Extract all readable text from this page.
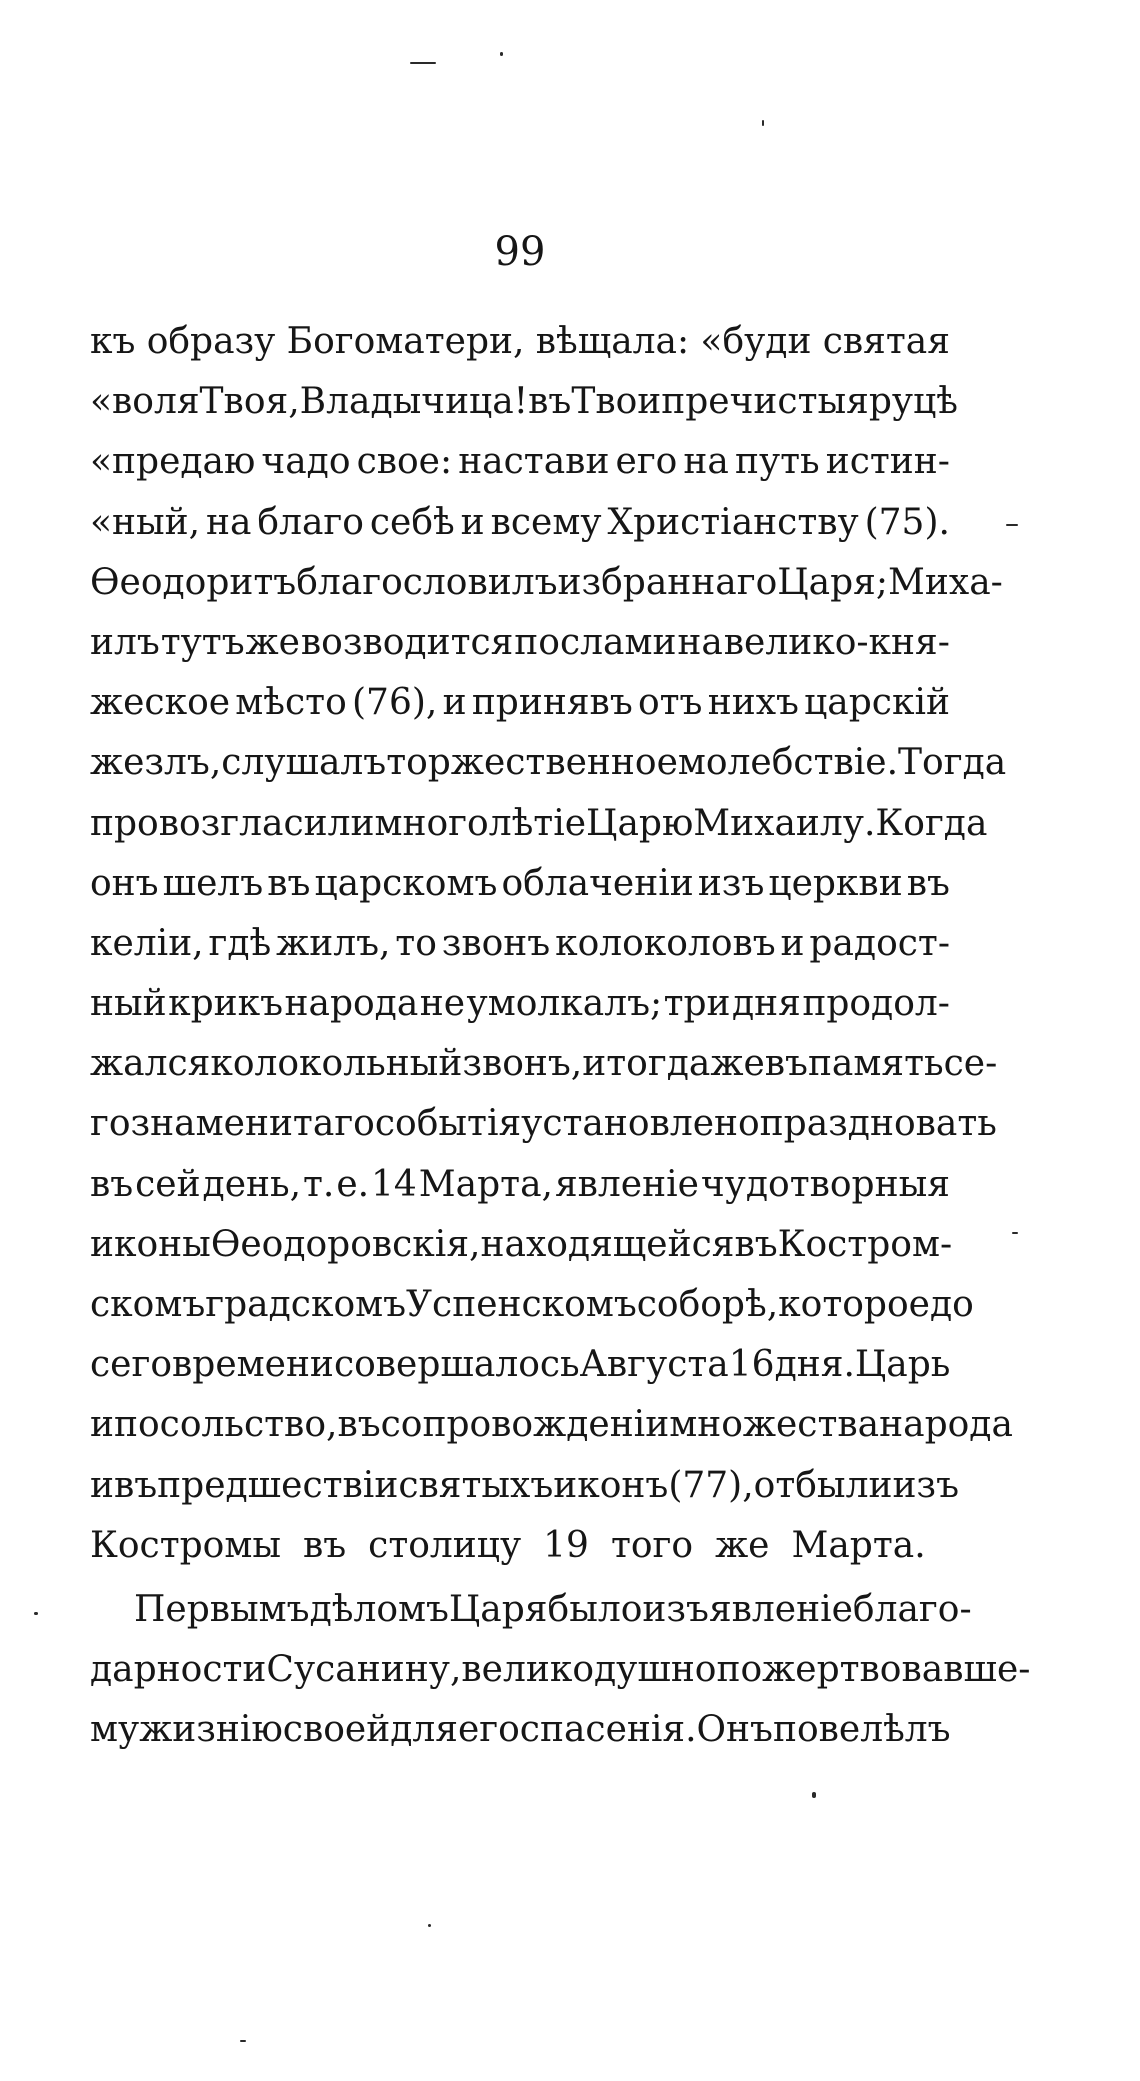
99
къ образу Богоматери, вѣщала: «буди святая
«воля Твоя, Владычица! въ Твои пречистыя руцѣ
«предаю чадо свое: настави его на путь истин-
«ный, на благо себѣ и всему Христіанству (75).
Ѳеодоритъ благословилъ избраннаго Царя; Миха-
илъ тутъ же возводится послами на велико-кня-
жеское мѣсто (76), и принявъ отъ нихъ царскій
жезлъ, слушалъ торжественное молебствіе. Тогда
провозгласили многолѣтіе Царю Михаилу. Когда
онъ шелъ въ царскомъ облаченіи изъ церкви въ
келіи, гдѣ жилъ, то звонъ колоколовъ и радост-
ный крикъ народа не умолкалъ; три дня продол-
жался колокольный звонъ, и тогда же въ память се-
го знаменитаго событія установлено праздновать
въ сей день, т. е. 14 Марта, явленіе чудотворныя
иконы Ѳеодоровскія, находящейся въ Костром-
скомъ градскомъ Успенскомъ соборѣ, которое до
сего времени совершалось Августа 16 дня. Царь
и посольство, въ сопровожденіи множества народа
и въ предшествіи святыхъ иконъ (77), отбыли изъ
Костромы въ столицу 19 того же Марта.
Первымъ дѣломъ Царя было изъявленіе благо-
дарности Сусанину, великодушно пожертвовавше-
му жизнію своей для его спасенія. Онъ повелѣлъ
